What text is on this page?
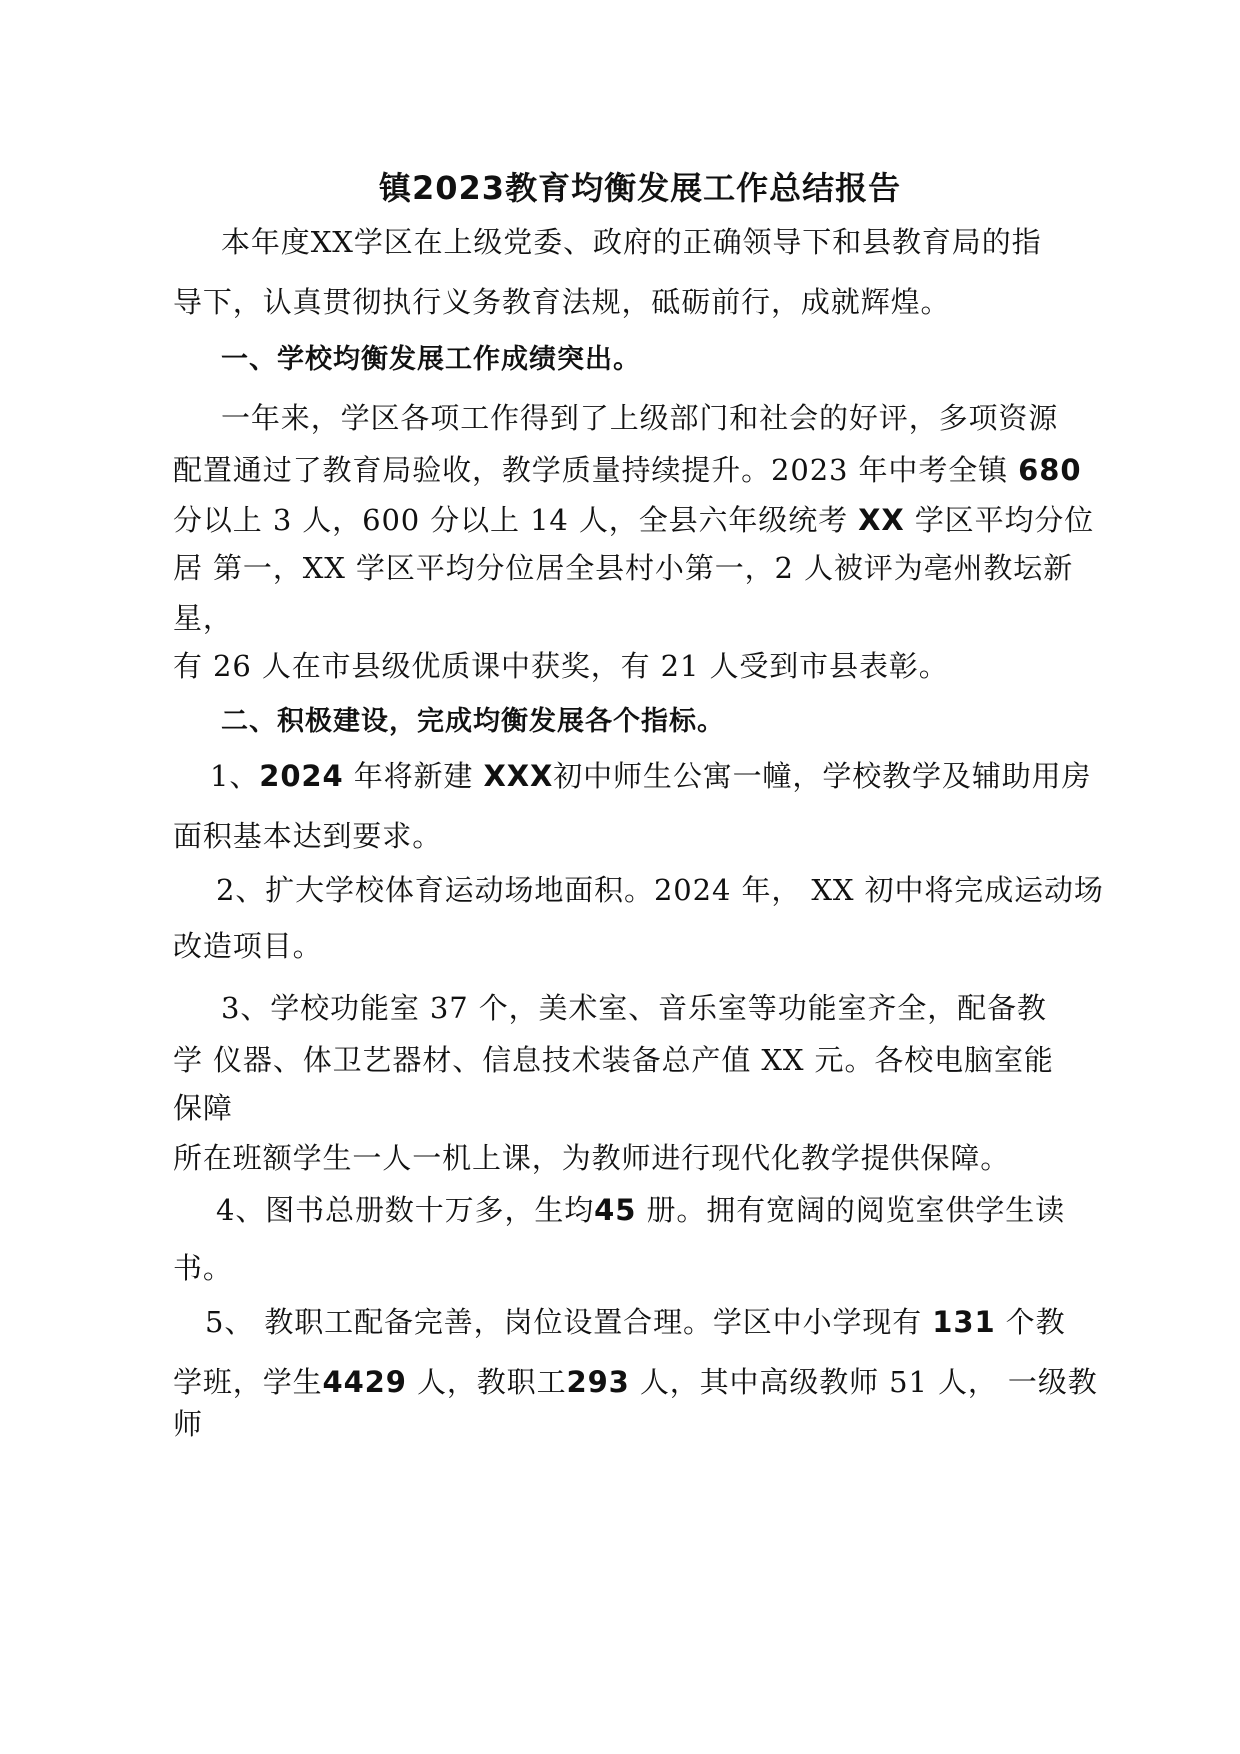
镇2023教育均衡发展工作总结报告
本年度XX学区在上级党委、政府的正确领导下和县教育局的指
导下，认真贯彻执行义务教育法规，砥砺前行，成就辉煌。
一、学校均衡发展工作成绩突出。
一年来，学区各项工作得到了上级部门和社会的好评，多项资源
配置通过了教育局验收，教学质量持续提升。2023 年中考全镇 680
分以上 3 人，600 分以上 14 人，全县六年级统考 XX 学区平均分位
居 第一，XX 学区平均分位居全县村小第一，2 人被评为亳州教坛新
星，
有 26 人在市县级优质课中获奖，有 21 人受到市县表彰。
二、积极建设，完成均衡发展各个指标。
1、2024 年将新建 XXX初中师生公寓一幢，学校教学及辅助用房
面积基本达到要求。
2、扩大学校体育运动场地面积。2024 年， XX 初中将完成运动场
改造项目。
3、学校功能室 37 个，美术室、音乐室等功能室齐全，配备教
学 仪器、体卫艺器材、信息技术装备总产值 XX 元。各校电脑室能
保障
所在班额学生一人一机上课，为教师进行现代化教学提供保障。
4、图书总册数十万多，生均45 册。拥有宽阔的阅览室供学生读
书。
5、 教职工配备完善，岗位设置合理。学区中小学现有 131 个教
学班，学生4429 人，教职工293 人，其中高级教师 51 人， 一级教
师
